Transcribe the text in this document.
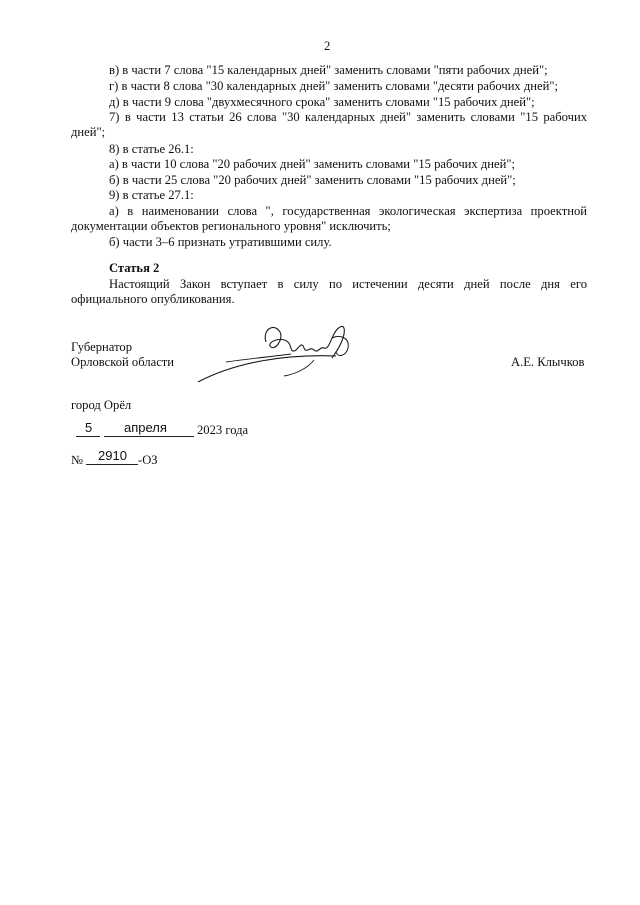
2
в) в части 7 слова "15 календарных дней" заменить словами "пяти рабочих дней";
г) в части 8 слова "30 календарных дней" заменить словами "десяти рабочих дней";
д) в части 9 слова "двухмесячного срока" заменить словами "15 рабочих дней";
7) в части 13 статьи 26 слова "30 календарных дней" заменить словами "15 рабочих
дней";
8) в статье 26.1:
а) в части 10 слова "20 рабочих дней" заменить словами "15 рабочих дней";
б) в части 25 слова "20 рабочих дней" заменить словами "15 рабочих дней";
9) в статье 27.1:
а) в наименовании слова ", государственная экологическая экспертиза проектной
документации объектов регионального уровня" исключить;
б) части 3–6 признать утратившими силу.
Статья 2
Настоящий Закон вступает в силу по истечении десяти дней после дня его
официального опубликования.
Губернатор
Орловской области	А.Е. Клычков
город Орёл
5 апреля 2023 года
№ 2910 -ОЗ
